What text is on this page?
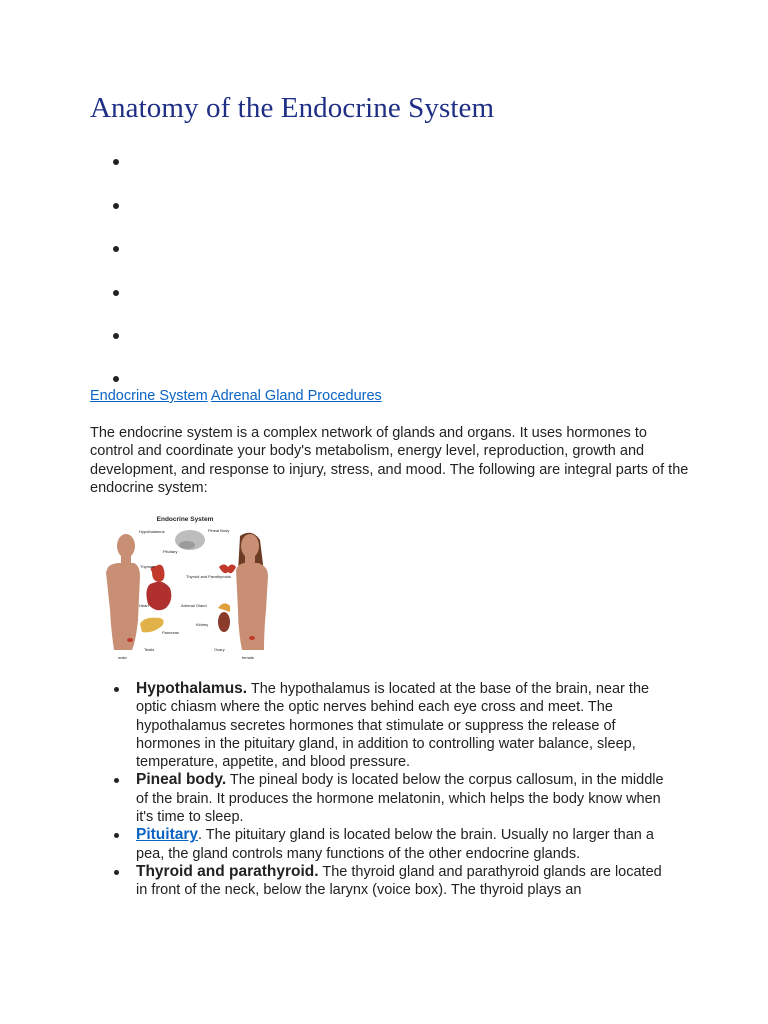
Anatomy of the Endocrine System
Endocrine System Adrenal Gland Procedures

The endocrine system is a complex network of glands and organs. It uses hormones to control and coordinate your body's metabolism, energy level, reproduction, growth and development, and response to injury, stress, and mood. The following are integral parts of the endocrine system:

Endocrine System
Hypothalamus	Pineal Body
Pituitary
Thymus
Thyroid and Parathyroids
Heart	Adrenal Gland
Kidney
Pancreas
Testis	Ovary
male	female
Hypothalamus. The hypothalamus is located at the base of the brain, near the optic chiasm where the optic nerves behind each eye cross and meet. The hypothalamus secretes hormones that stimulate or suppress the release of hormones in the pituitary gland, in addition to controlling water balance, sleep, temperature, appetite, and blood pressure.
Pineal body. The pineal body is located below the corpus callosum, in the middle of the brain. It produces the hormone melatonin, which helps the body know when it's time to sleep.
Pituitary. The pituitary gland is located below the brain. Usually no larger than a pea, the gland controls many functions of the other endocrine glands.
Thyroid and parathyroid. The thyroid gland and parathyroid glands are located in front of the neck, below the larynx (voice box). The thyroid plays an
